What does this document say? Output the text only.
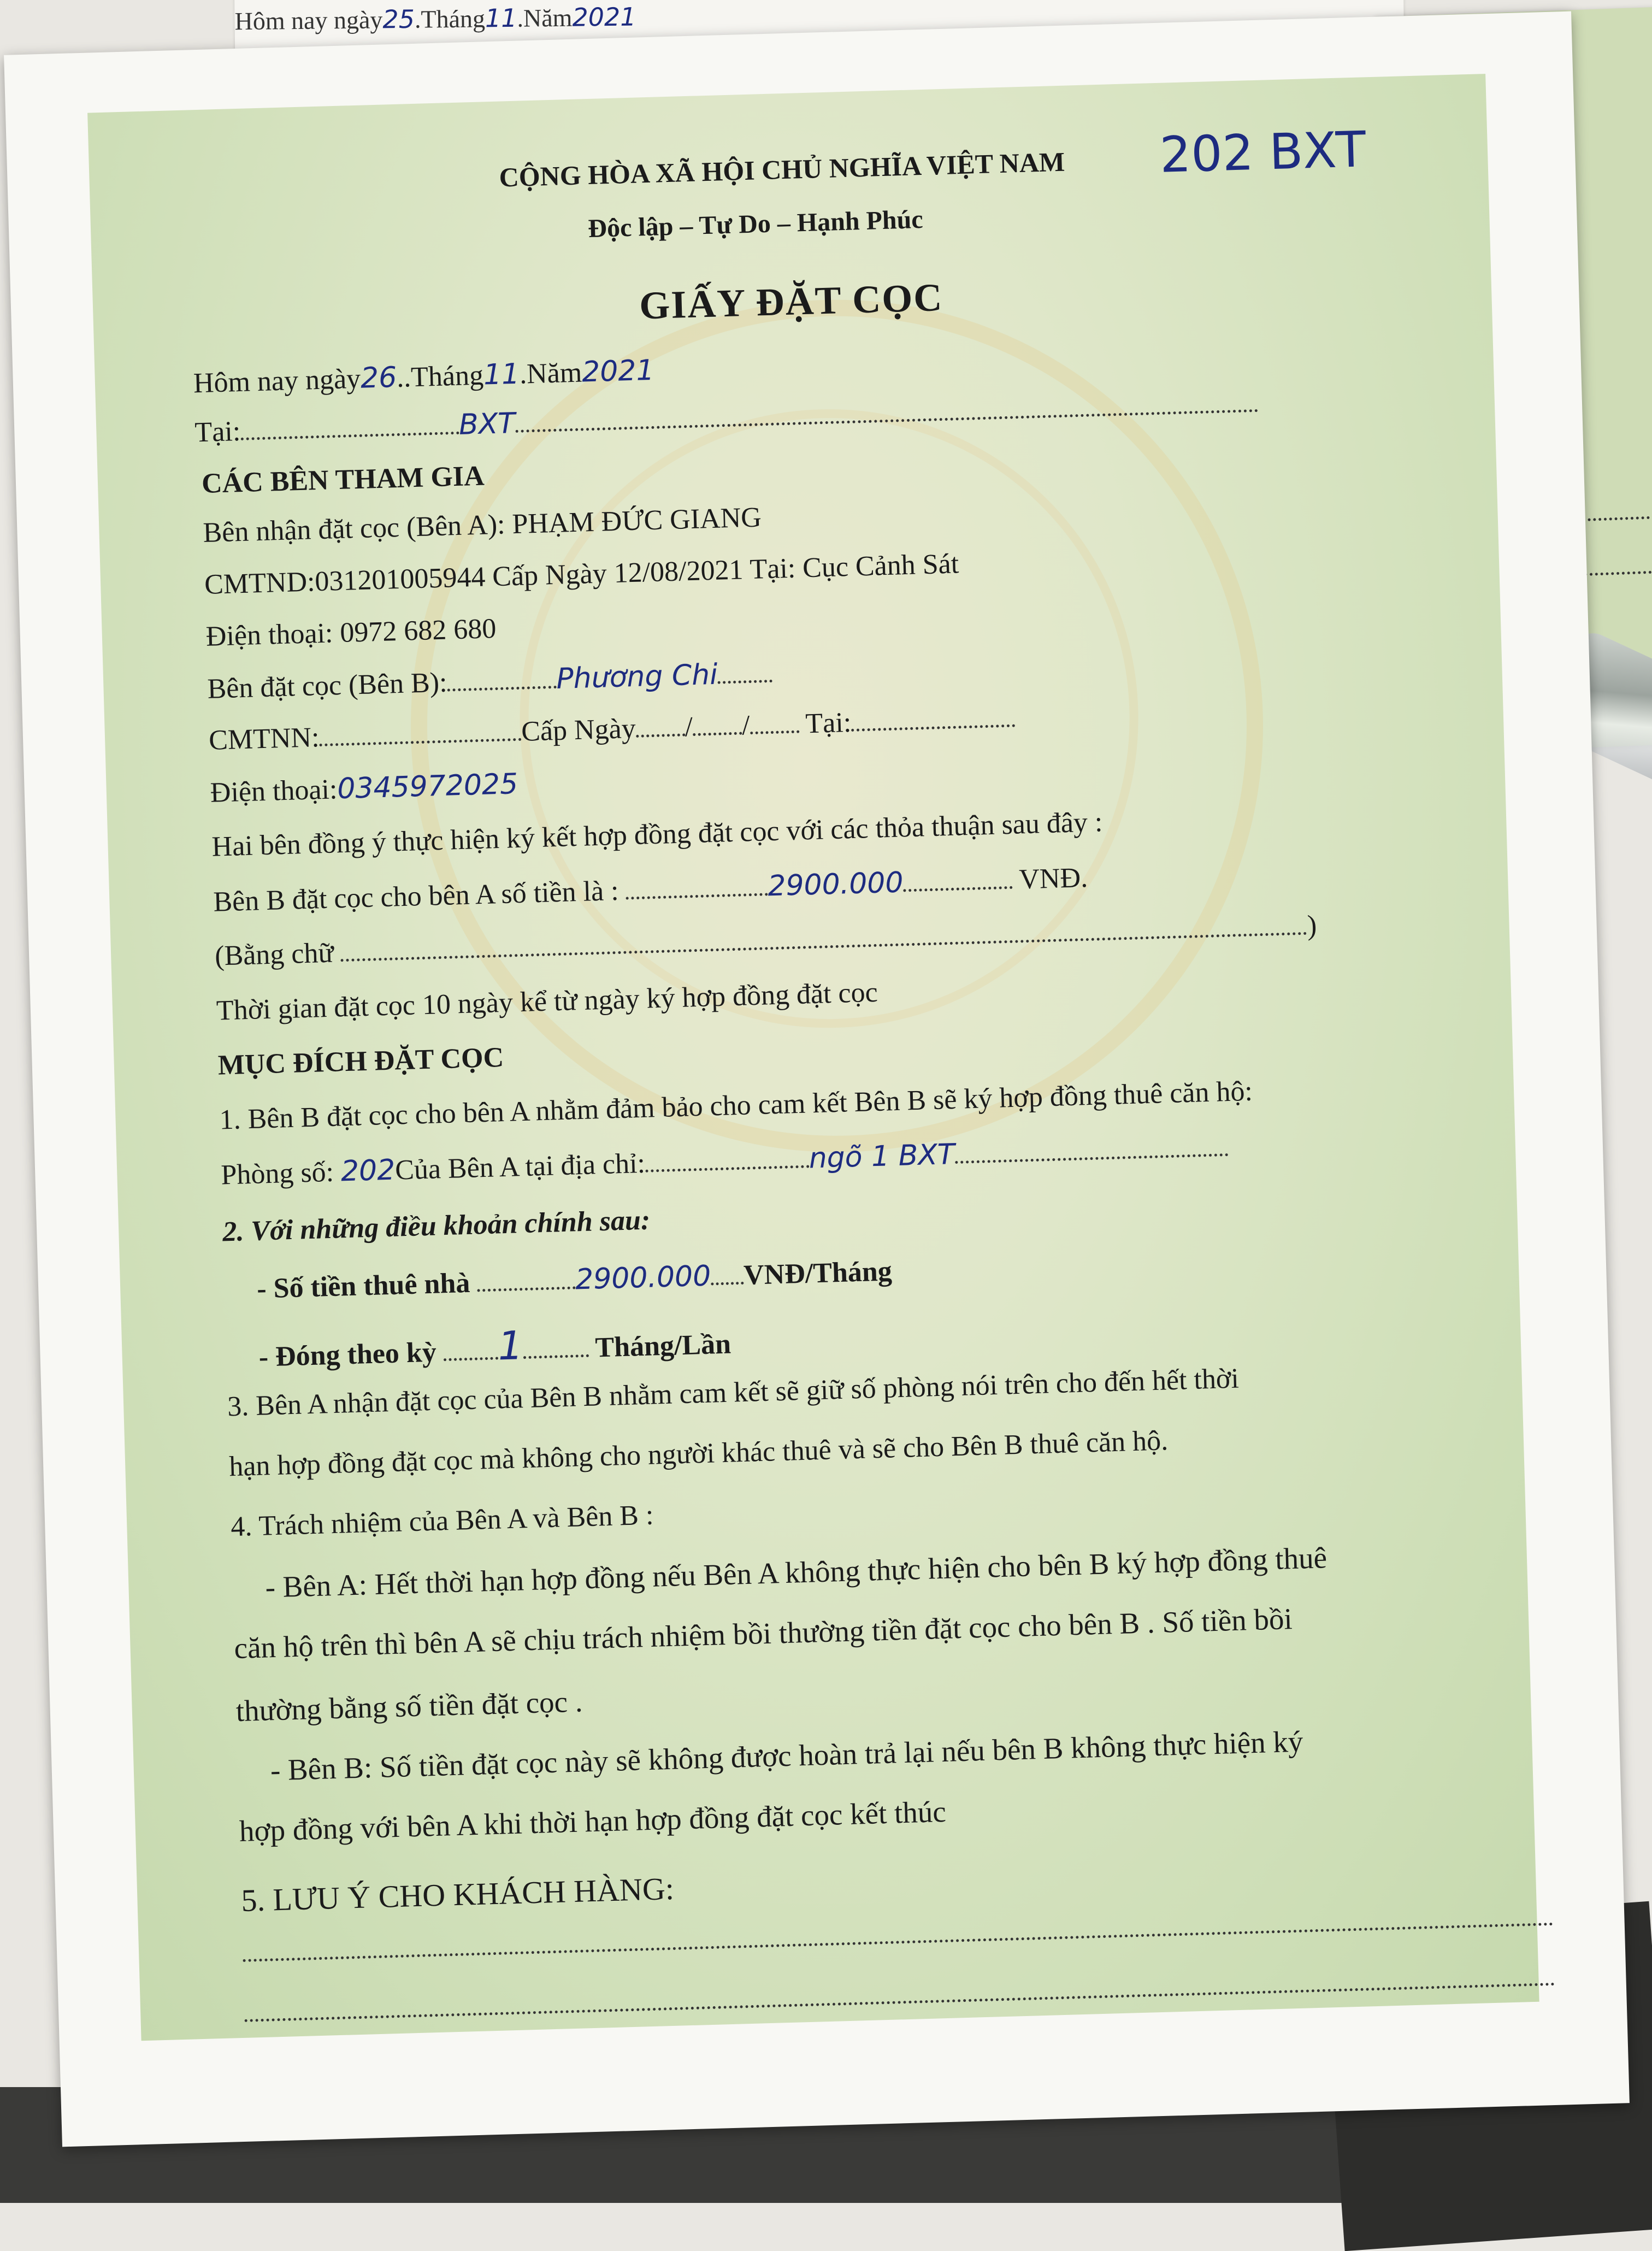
Hôm nay ngày25.Tháng11.Năm2021
CỘNG HÒA XÃ HỘI CHỦ NGHĨA VIỆT NAM 202 BXT
Độc lập – Tự Do – Hạnh Phúc
GIẤY ĐẶT CỌC
Hôm nay ngày26..Tháng11.Năm2021
Tại:	BXT
CÁC BÊN THAM GIA
Bên nhận đặt cọc (Bên A): PHẠM ĐỨC GIANG
CMTND:031201005944 Cấp Ngày 12/08/2021 Tại: Cục Cảnh Sát
Điện thoại: 0972 682 680
Bên đặt cọc (Bên B):	Phương Chi
CMTNN:	Cấp Ngày / / Tại:
Điện thoại:0345972025
Hai bên đồng ý thực hiện ký kết hợp đồng đặt cọc với các thỏa thuận sau đây :
Bên B đặt cọc cho bên A số tiền là :	2900.000	VNĐ.
(Bằng chữ )
Thời gian đặt cọc 10 ngày kể từ ngày ký hợp đồng đặt cọc
MỤC ĐÍCH ĐẶT CỌC
1. Bên B đặt cọc cho bên A nhằm đảm bảo cho cam kết Bên B sẽ ký hợp đồng thuê căn hộ:
Phòng số: 202Của Bên A tại địa chỉ:	ngõ 1 BXT
2. Với những điều khoản chính sau:
- Số tiền thuê nhà	2900.000 VNĐ/Tháng
- Đóng theo kỳ 1	Tháng/Lần
3. Bên A nhận đặt cọc của Bên B nhằm cam kết sẽ giữ số phòng nói trên cho đến hết thời
hạn hợp đồng đặt cọc mà không cho người khác thuê và sẽ cho Bên B thuê căn hộ.
4. Trách nhiệm của Bên A và Bên B :
- Bên A: Hết thời hạn hợp đồng nếu Bên A không thực hiện cho bên B ký hợp đồng thuê
căn hộ trên thì bên A sẽ chịu trách nhiệm bồi thường tiền đặt cọc cho bên B . Số tiền bồi
thường bằng số tiền đặt cọc .
- Bên B: Số tiền đặt cọc này sẽ không được hoàn trả lại nếu bên B không thực hiện ký
hợp đồng với bên A khi thời hạn hợp đồng đặt cọc kết thúc
5. LƯU Ý CHO KHÁCH HÀNG:
